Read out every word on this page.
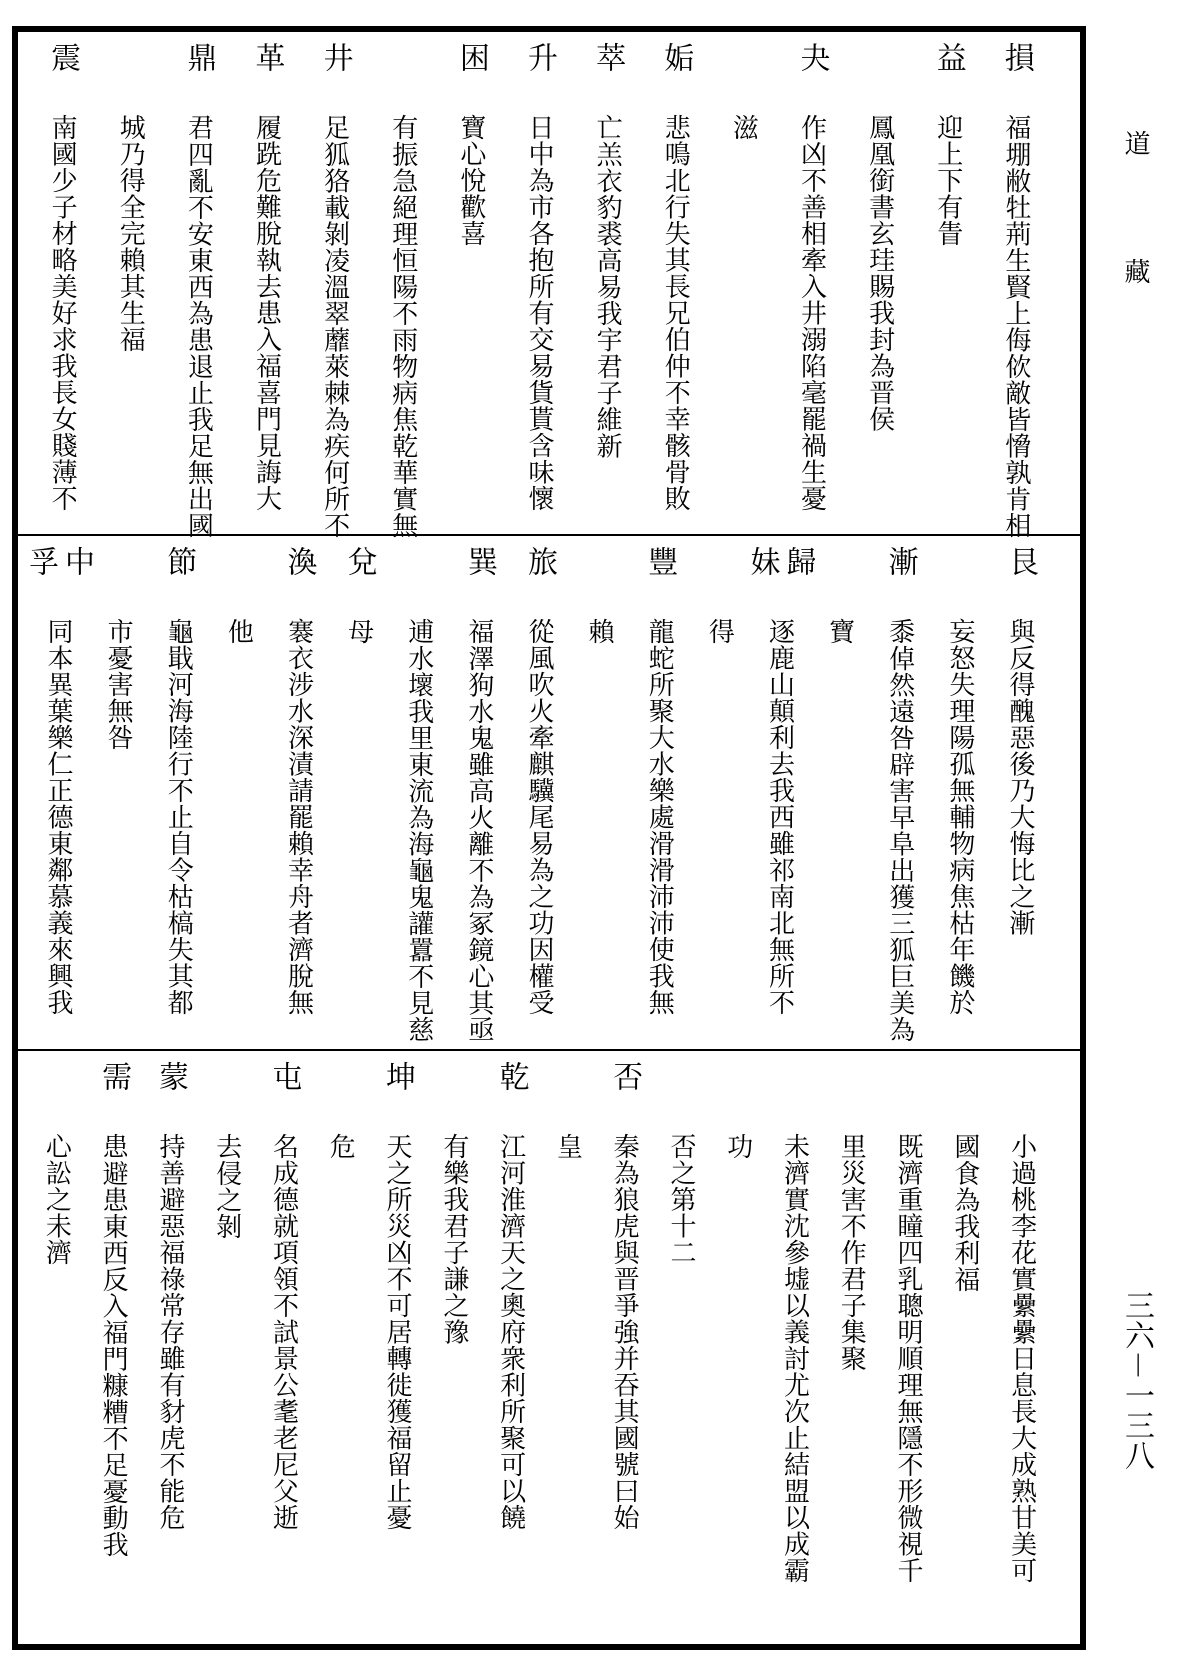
損
福
堋敝牡荊生賢上侮佽敵皆愶孰肯相
益
迎上下有眚
鳳凰銜書玄珪賜我封為晋侯
夬
作凶不善相牽入井溺陷毫罷禍生憂
滋
姤
悲鳴北行失其長兄伯仲不幸骸骨敗
萃
亡
羔衣豹裘高易我宇君子維新
升
日中為市各抱所有交易貨貰含味懷
困
寶心悅歡喜
有
振急絕理恒陽不雨物病焦乾華實無
井
足
狐狢載剝凌溫翠蘼萊棘為疾何所不
革
履跣危難脫執去患入福喜門見誨大
鼎
君
四亂不安東西為患退止我足無出國
城乃得全完賴其生福
震
南國少子材略美好求我長女賤薄不
艮
與反得醜惡後乃大悔比之漸
妄怒失理陽孤無輔物病焦枯年饑於
漸
黍
倬然遠咎辟害早阜出獲三狐巨美為
寶
歸妹
逐鹿山顛利去我西雖祁南北無所不
得
豐
龍蛇所聚大水樂處滑滑沛沛使我無
賴
旅
從風吹火牽麒驥尾易為之功因權受
巽
福
澤狗水鬼雖高火離不為冢鏡心其亟
逋
水壞我里東流為海龜鬼讙囂不見慈
兌
母
渙
褰衣涉水深漬請罷賴幸舟者濟脫無
他
節
龜戢河海陸行不止自令枯槁失其都
市憂害無咎
中孚
同本異葉樂仁正德東鄰慕義來興我
小過桃李花實纍纍日息長大成熟甘美可
國
食為我利福
既濟重瞳四乳聰明順理無隱不形微視千
里災害不作君子集聚
未濟實沈參墟以義討尤次止結盟以成霸
功
否之第十二
否
秦為狼虎與晋爭強并吞其國號曰始
皇
乾
江河淮濟天之奧府衆利所聚可以饒
有樂我君子謙之豫
坤
天之所災凶不可居轉徙獲福留止憂
危
屯
名成德就項領不試景公耄老尼父逝
去
侵之剝
蒙
持善避惡福祿常存雖有豺虎不能危
需
患
避患東西反入福門糠糟不足憂動我
心訟之未濟
道
藏
三六－一三八
